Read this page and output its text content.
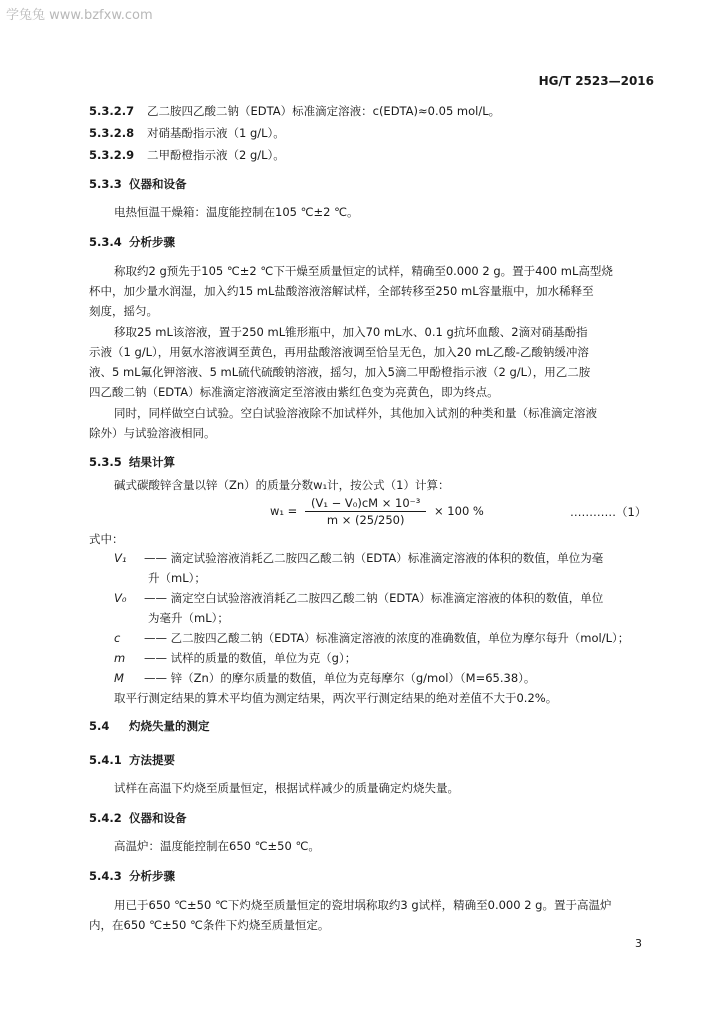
学兔兔 www.bzfxw.com
HG/T 2523—2016
5.3.2.7 乙二胺四乙酸二钠（EDTA）标准滴定溶液：c(EDTA)≈0.05 mol/L。
5.3.2.8 对硝基酚指示液（1 g/L）。
5.3.2.9 二甲酚橙指示液（2 g/L）。
5.3.3 仪器和设备
电热恒温干燥箱：温度能控制在105 ℃±2 ℃。
5.3.4 分析步骤
称取约2 g预先于105 ℃±2 ℃下干燥至质量恒定的试样，精确至0.000 2 g。置于400 mL高型烧
杯中，加少量水润湿，加入约15 mL盐酸溶液溶解试样，全部转移至250 mL容量瓶中，加水稀释至
刻度，摇匀。
移取25 mL该溶液，置于250 mL锥形瓶中，加入70 mL水、0.1 g抗坏血酸、2滴对硝基酚指
示液（1 g/L），用氨水溶液调至黄色，再用盐酸溶液调至恰呈无色，加入20 mL乙酸-乙酸钠缓冲溶
液、5 mL氟化钾溶液、5 mL硫代硫酸钠溶液，摇匀，加入5滴二甲酚橙指示液（2 g/L），用乙二胺
四乙酸二钠（EDTA）标准滴定溶液滴定至溶液由紫红色变为亮黄色，即为终点。
同时，同样做空白试验。空白试验溶液除不加试样外，其他加入试剂的种类和量（标准滴定溶液
除外）与试验溶液相同。
5.3.5 结果计算
碱式碳酸锌含量以锌（Zn）的质量分数w₁计，按公式（1）计算：
$w_1 = \frac{\text{(V₁ − V₀)cM × 10⁻³}}{m \times (25/250)} \times 100$ %	…………（1）
式中：
V₁ —— 滴定试验溶液消耗乙二胺四乙酸二钠（EDTA）标准滴定溶液的体积的数值，单位为毫
升（mL）；
V₀ —— 滴定空白试验溶液消耗乙二胺四乙酸二钠（EDTA）标准滴定溶液的体积的数值，单位
为毫升（mL）；
c —— 乙二胺四乙酸二钠（EDTA）标准滴定溶液的浓度的准确数值，单位为摩尔每升（mol/L）；
m —— 试样的质量的数值，单位为克（g）；
M —— 锌（Zn）的摩尔质量的数值，单位为克每摩尔（g/mol）（M=65.38）。
取平行测定结果的算术平均值为测定结果，两次平行测定结果的绝对差值不大于0.2%。
5.4 灼烧失量的测定
5.4.1 方法提要
试样在高温下灼烧至质量恒定，根据试样减少的质量确定灼烧失量。
5.4.2 仪器和设备
高温炉：温度能控制在650 ℃±50 ℃。
5.4.3 分析步骤
用已于650 ℃±50 ℃下灼烧至质量恒定的瓷坩埚称取约3 g试样，精确至0.000 2 g。置于高温炉
内，在650 ℃±50 ℃条件下灼烧至质量恒定。
3
